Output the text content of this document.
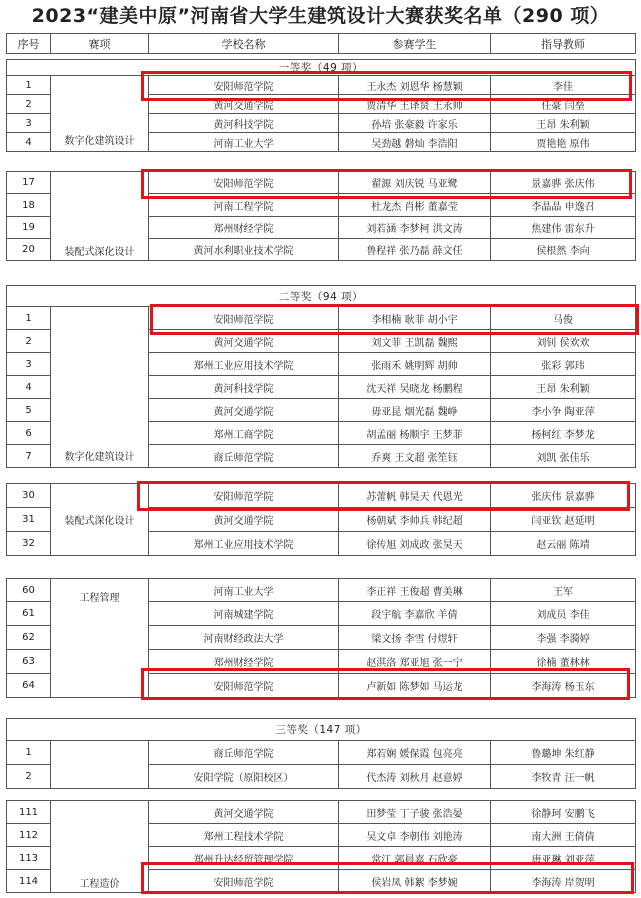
2023“建美中原”河南省大学生建筑设计大赛获奖名单（290 项）
序号	赛项	学校名称	参赛学生	指导教师

一等奖（49 项）				
1	数字化建筑设计	安阳师范学院	王永杰 刘恩华 杨慧颖	李佳
2		黄河交通学院	贾清华 王译贤 王永帅	任豪 闫垒
3		黄河科技学院	孙培 张豪毅 许家乐	王昂 朱利颖
4		河南工业大学	吴劲越 磐灿 李浩阳	贾艳艳 原伟
17	装配式深化设计	安阳师范学院	翟源 刘庆锐 马亚鹭	景嘉骅 张庆伟
18		河南工程学院	杜龙杰 肖彬 董嘉莹	李晶晶 申逸召
19		郑州财经学院	刘若涵 李梦柯 洪文涛	焦建伟 雷东升
20		黄河水利职业技术学院	鲁程祥 张乃磊 薛文任	侯根然 李向
二等奖（94 项）				
1	数字化建筑设计	安阳师范学院	李相楠 耿菲 胡小宇	马俊
2		黄河交通学院	刘文菲 王凯磊 魏熙	刘钊 侯欢欢
3		郑州工业应用技术学院	张雨禾 姚明辉 胡帅	张彩 郭玮
4		黄河科技学院	沈天祥 吴晓龙 杨鹏程	王昂 朱利颖
5		黄河交通学院	毋亚昆 烟光磊 魏峥	李小争 陶亚萍
6		郑州工商学院	胡孟丽 杨顺宇 王梦菲	杨柯红 李梦龙
7		商丘师范学院	乔爽 王文超 张笙钰	刘凯 张佳乐
30	装配式深化设计	安阳师范学院	苏蕾帆 韩昊天 代恩光	张庆伟 景嘉骅
31		黄河交通学院	杨朝斌 李帅兵 韩纪超	闫亚钦 赵延明
32		郑州工业应用技术学院	徐传旭 刘成政 张昊天	赵云丽 陈靖
60	工程管理	河南工业大学	李正祥 王俊超 曹美琳	王军
61		河南城建学院	段宇航 李嘉欣 羊倩	刘成员 李佳
62		河南财经政法大学	梁文扬 李雪 付煜轩	李强 李漪婷
63		郑州财经学院	赵淇洛 郑亚旭 张一宁	徐楠 董林林
64		安阳师范学院	卢新如 陈梦如 马运龙	李海涛 杨玉东
三等奖（147 项）				
1		商丘师范学院	郑若娴 媛保霞 包亮亮	鲁璐坤 朱红静
2		安阳学院（原阳校区）	代杰涛 刘秋月 赵意婷	李牧青 汪一帆
111	工程造价	黄河交通学院	田梦莹 丁子骏 张浩晏	徐静珂 安鹏飞
112		郑州工程技术学院	吴文卓 李朝伟 刘艳涛	南大洲 王倩倩
113		郑州升达经贸管理学院	常江 郭晨嘉 石欣豪	唐亚琳 刘亚萍
114		安阳师范学院	侯岩凤 韩絮 李梦婉	李海涛 岸贺明
